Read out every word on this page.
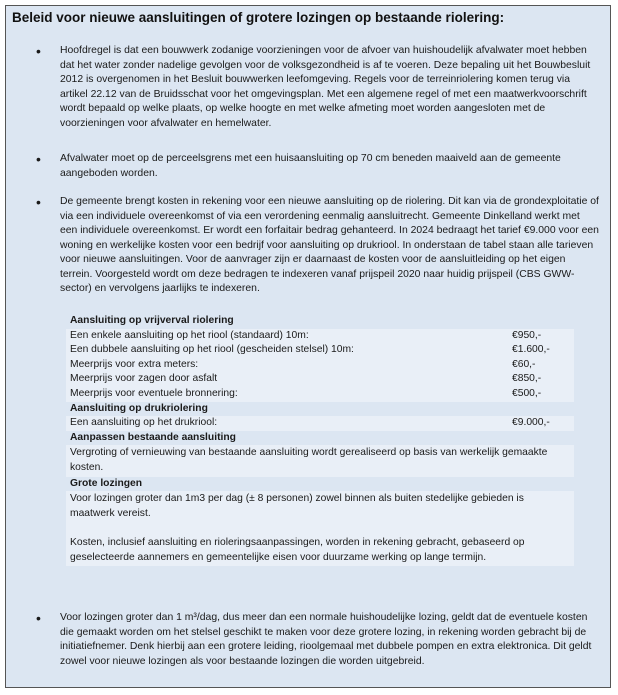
Beleid voor nieuwe aansluitingen of grotere lozingen op bestaande riolering:
• Hoofdregel is dat een bouwwerk zodanige voorzieningen voor de afvoer van huishoudelijk afvalwater moet hebben dat het water zonder nadelige gevolgen voor de volksgezondheid is af te voeren. Deze bepaling uit het Bouwbesluit 2012 is overgenomen in het Besluit bouwwerken leefomgeving. Regels voor de terreinriolering komen terug via artikel 22.12 van de Bruidsschat voor het omgevingsplan. Met een algemene regel of met een maatwerkvoorschrift wordt bepaald op welke plaats, op welke hoogte en met welke afmeting moet worden aangesloten met de voorzieningen voor afvalwater en hemelwater.

• Afvalwater moet op de perceelsgrens met een huisaansluiting op 70 cm beneden maaiveld aan de gemeente aangeboden worden.

• De gemeente brengt kosten in rekening voor een nieuwe aansluiting op de riolering. Dit kan via de grondexploitatie of via een individuele overeenkomst of via een verordening eenmalig aansluitrecht. Gemeente Dinkelland werkt met een individuele overeenkomst. Er wordt een forfaitair bedrag gehanteerd. In 2024 bedraagt het tarief €9.000 voor een woning en werkelijke kosten voor een bedrijf voor aansluiting op drukriool. In onderstaan de tabel staan alle tarieven voor nieuwe aansluitingen. Voor de aanvrager zijn er daarnaast de kosten voor de aansluitleiding op het eigen terrein. Voorgesteld wordt om deze bedragen te indexeren vanaf prijspeil 2020 naar huidig prijspeil (CBS GWW-sector) en vervolgens jaarlijks te indexeren.

Aansluiting op vrijverval riolering
Een enkele aansluiting op het riool (standaard) 10m:	€950,-
Een dubbele aansluiting op het riool (gescheiden stelsel) 10m:	€1.600,-
Meerprijs voor extra meters:	€60,-
Meerprijs voor zagen door asfalt	€850,-
Meerprijs voor eventuele bronnering:	€500,-
Aansluiting op drukriolering
Een aansluiting op het drukriool:	€9.000,-
Aanpassen bestaande aansluiting
Vergroting of vernieuwing van bestaande aansluiting wordt gerealiseerd op basis van werkelijk gemaakte kosten.
Grote lozingen
Voor lozingen groter dan 1m3 per dag (± 8 personen) zowel binnen als buiten stedelijke gebieden is maatwerk vereist.
Kosten, inclusief aansluiting en rioleringsaanpassingen, worden in rekening gebracht, gebaseerd op geselecteerde aannemers en gemeentelijke eisen voor duurzame werking op lange termijn.
• Voor lozingen groter dan 1 m³/dag, dus meer dan een normale huishoudelijke lozing, geldt dat de eventuele kosten die gemaakt worden om het stelsel geschikt te maken voor deze grotere lozing, in rekening worden gebracht bij de initiatiefnemer. Denk hierbij aan een grotere leiding, rioolgemaal met dubbele pompen en extra elektronica. Dit geldt zowel voor nieuwe lozingen als voor bestaande lozingen die worden uitgebreid.
